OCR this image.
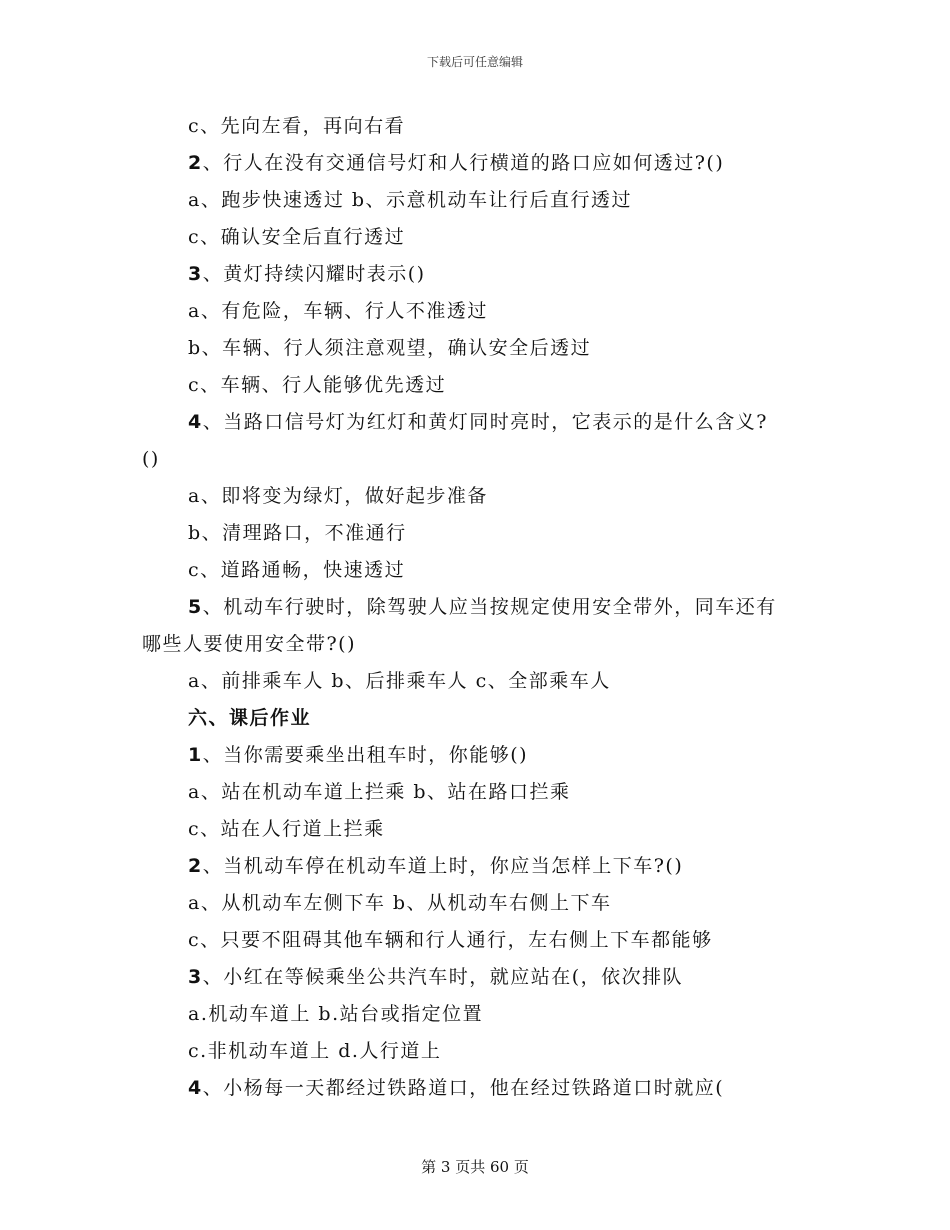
下载后可任意编辑
c、先向左看，再向右看
2、行人在没有交通信号灯和人行横道的路口应如何透过?()
a、跑步快速透过 b、示意机动车让行后直行透过
c、确认安全后直行透过
3、黄灯持续闪耀时表示()
a、有危险，车辆、行人不准透过
b、车辆、行人须注意观望，确认安全后透过
c、车辆、行人能够优先透过
4、当路口信号灯为红灯和黄灯同时亮时，它表示的是什么含义?
()
a、即将变为绿灯，做好起步准备
b、清理路口，不准通行
c、道路通畅，快速透过
5、机动车行驶时，除驾驶人应当按规定使用安全带外，同车还有
哪些人要使用安全带?()
a、前排乘车人 b、后排乘车人 c、全部乘车人
六、课后作业
1、当你需要乘坐出租车时，你能够()
a、站在机动车道上拦乘 b、站在路口拦乘
c、站在人行道上拦乘
2、当机动车停在机动车道上时，你应当怎样上下车?()
a、从机动车左侧下车 b、从机动车右侧上下车
c、只要不阻碍其他车辆和行人通行，左右侧上下车都能够
3、小红在等候乘坐公共汽车时，就应站在(，依次排队
a.机动车道上 b.站台或指定位置
c.非机动车道上 d.人行道上
4、小杨每一天都经过铁路道口，他在经过铁路道口时就应(
第 3 页共 60 页
